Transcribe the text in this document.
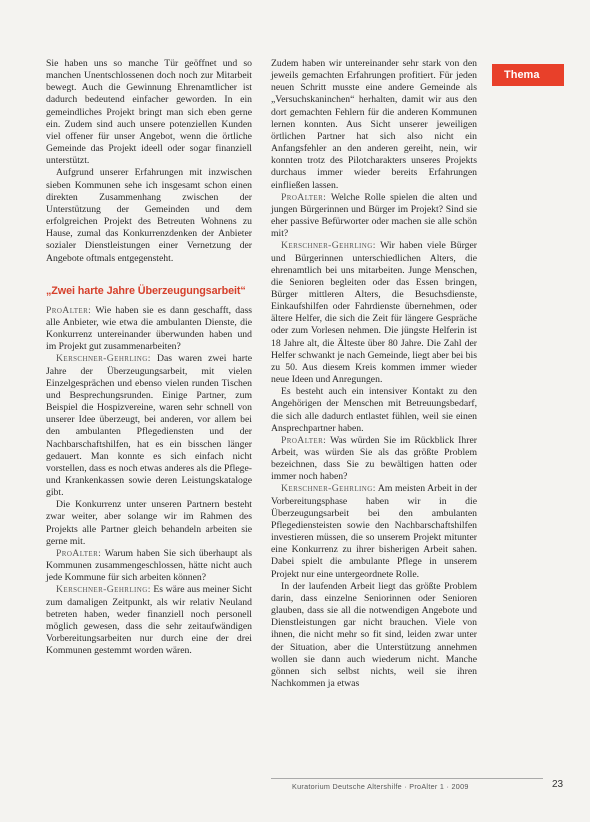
Sie haben uns so manche Tür geöffnet und so manchen Unentschlossenen doch noch zur Mitarbeit bewegt. Auch die Gewinnung Ehrenamtlicher ist dadurch bedeutend einfacher geworden. In ein gemeindliches Projekt bringt man sich eben gerne ein. Zudem sind auch unsere potenziellen Kunden viel offener für unser Angebot, wenn die örtliche Gemeinde das Projekt ideell oder sogar finanziell unterstützt.

Aufgrund unserer Erfahrungen mit inzwischen sieben Kommunen sehe ich insgesamt schon einen direkten Zusammenhang zwischen der Unterstützung der Gemeinden und dem erfolgreichen Projekt des Betreuten Wohnens zu Hause, zumal das Konkurrenzdenken der Anbieter sozialer Dienstleistungen einer Vernetzung der Angebote oftmals entgegensteht.

„Zwei harte Jahre Überzeugungsarbeit“

ProAlter: Wie haben sie es dann geschafft, dass alle Anbieter, wie etwa die ambulanten Dienste, die Konkurrenz untereinander überwunden haben und im Projekt gut zusammenarbeiten?

Kerschner-Gehrling: Das waren zwei harte Jahre der Überzeugungsarbeit, mit vielen Einzelgesprächen und ebenso vielen runden Tischen und Besprechungsrunden. Einige Partner, zum Beispiel die Hospizvereine, waren sehr schnell von unserer Idee überzeugt, bei anderen, vor allem bei den ambulanten Pflegediensten und der Nachbarschaftshilfen, hat es ein bisschen länger gedauert. Man konnte es sich einfach nicht vorstellen, dass es noch etwas anderes als die Pflege- und Krankenkassen sowie deren Leistungskataloge gibt.

Die Konkurrenz unter unseren Partnern besteht zwar weiter, aber solange wir im Rahmen des Projekts alle Partner gleich behandeln arbeiten sie gerne mit.

ProAlter: Warum haben Sie sich überhaupt als Kommunen zusammengeschlossen, hätte nicht auch jede Kommune für sich arbeiten können?

Kerschner-Gehrling: Es wäre aus meiner Sicht zum damaligen Zeitpunkt, als wir relativ Neuland betreten haben, weder finanziell noch personell möglich gewesen, dass die sehr zeitaufwändigen Vorbereitungsarbeiten nur durch eine der drei Kommunen gestemmt worden wären.

Zudem haben wir untereinander sehr stark von den jeweils gemachten Erfahrungen profitiert. Für jeden neuen Schritt musste eine andere Gemeinde als „Versuchskaninchen“ herhalten, damit wir aus den dort gemachten Fehlern für die anderen Kommunen lernen konnten. Aus Sicht unserer jeweiligen örtlichen Partner hat sich also nicht ein Anfangsfehler an den anderen gereiht, nein, wir konnten trotz des Pilotcharakters unseres Projekts durchaus immer wieder bereits Erfahrungen einfließen lassen.

ProAlter: Welche Rolle spielen die alten und jungen Bürgerinnen und Bürger im Projekt? Sind sie eher passive Befürworter oder machen sie alle schön mit?

Kerschner-Gehrling: Wir haben viele Bürger und Bürgerinnen unterschiedlichen Alters, die ehrenamtlich bei uns mitarbeiten. Junge Menschen, die Senioren begleiten oder das Essen bringen, Bürger mittleren Alters, die Besuchsdienste, Einkaufshilfen oder Fahrdienste übernehmen, oder ältere Helfer, die sich die Zeit für längere Gespräche oder zum Vorlesen nehmen. Die jüngste Helferin ist 18 Jahre alt, die Älteste über 80 Jahre. Die Zahl der Helfer schwankt je nach Gemeinde, liegt aber bei bis zu 50. Aus diesem Kreis kommen immer wieder neue Ideen und Anregungen.

Es besteht auch ein intensiver Kontakt zu den Angehörigen der Menschen mit Betreuungsbedarf, die sich alle dadurch entlastet fühlen, weil sie einen Ansprechpartner haben.

ProAlter: Was würden Sie im Rückblick Ihrer Arbeit, was würden Sie als das größte Problem bezeichnen, dass Sie zu bewältigen hatten oder immer noch haben?

Kerschner-Gehrling: Am meisten Arbeit in der Vorbereitungsphase haben wir in die Überzeugungsarbeit bei den ambulanten Pflegediensteisten sowie den Nachbarschaftshilfen investieren müssen, die so unserem Projekt mitunter eine Konkurrenz zu ihrer bisherigen Arbeit sahen. Dabei spielt die ambulante Pflege in unserem Projekt nur eine untergeordnete Rolle.

In der laufenden Arbeit liegt das größte Problem darin, dass einzelne Seniorinnen oder Senioren glauben, dass sie all die notwendigen Angebote und Dienstleistungen gar nicht brauchen. Viele von ihnen, die nicht mehr so fit sind, leiden zwar unter der Situation, aber die Unterstützung annehmen wollen sie dann auch wiederum nicht. Manche gönnen sich selbst nichts, weil sie ihren Nachkommen ja etwas

Thema
Kuratorium Deutsche Altershilfe · ProAlter 1 · 2009	23
